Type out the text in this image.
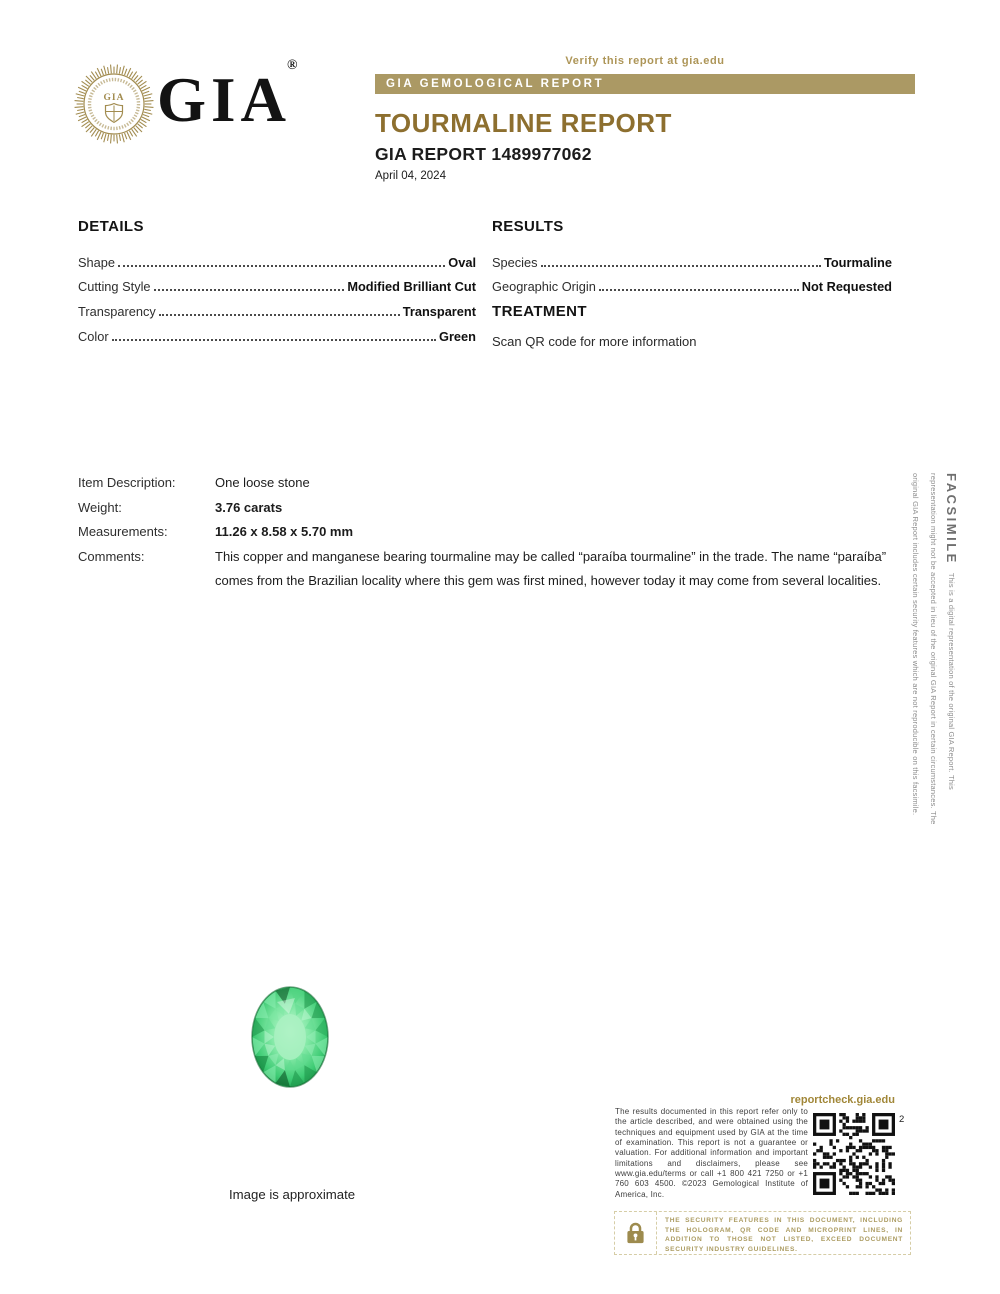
Verify this report at gia.edu
GIA GIA®
GIA GEMOLOGICAL REPORT
TOURMALINE REPORT
GIA REPORT 1489977062
April 04, 2024
DETAILS
Shape	Oval
Cutting Style	Modified Brilliant Cut
Transparency	Transparent
Color	Green
RESULTS
Species	Tourmaline
Geographic Origin	Not Requested
TREATMENT
Scan QR code for more information
Item Description:	One loose stone
Weight:	3.76 carats
Measurements:	11.26 x 8.58 x 5.70 mm
Comments:	This copper and manganese bearing tourmaline may be called “paraíba tourmaline” in the trade. The name “paraíba” comes from the Brazilian locality where this gem was first mined, however today it may come from several localities.
FACSIMILEThis is a digital representation of the original GIA Report. This representation might not be accepted in lieu of the original GIA Report in certain circumstances. The original GIA Report includes certain security features which are not reproducible on this facsimile.
Image is approximate
reportcheck.gia.edu
The results documented in this report refer only to the article described, and were obtained using the techniques and equipment used by GIA at the time of examination. This report is not a guarantee or valuation. For additional information and important limitations and disclaimers, please see www.gia.edu/terms or call +1 800 421 7250 or +1 760 603 4500. ©2023 Gemological Institute of America, Inc.
2
THE SECURITY FEATURES IN THIS DOCUMENT, INCLUDING THE HOLOGRAM, QR CODE AND MICROPRINT LINES, IN ADDITION TO THOSE NOT LISTED, EXCEED DOCUMENT SECURITY INDUSTRY GUIDELINES.
